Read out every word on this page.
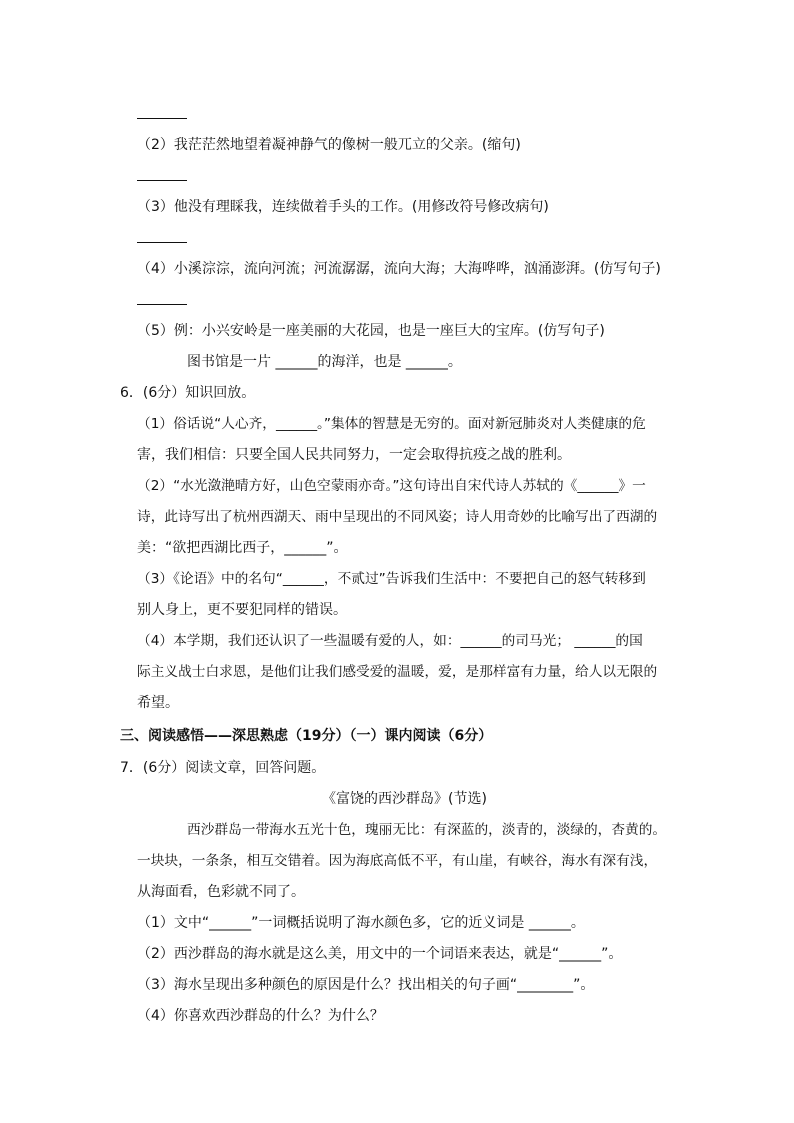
（2）我茫茫然地望着凝神静气的像树一般兀立的父亲。(缩句)
（3）他没有理睬我，连续做着手头的工作。(用修改符号修改病句)
（4）小溪淙淙，流向河流；河流潺潺，流向大海；大海哗哗，汹涌澎湃。(仿写句子)
（5）例：小兴安岭是一座美丽的大花园，也是一座巨大的宝库。(仿写句子)
图书馆是一片 ______的海洋，也是 ______。
6．(6分）知识回放。
（1）俗话说“人心齐，______。”集体的智慧是无穷的。面对新冠肺炎对人类健康的危
害，我们相信：只要全国人民共同努力，一定会取得抗疫之战的胜利。
（2）“水光潋滟晴方好，山色空蒙雨亦奇。”这句诗出自宋代诗人苏轼的《______》一
诗，此诗写出了杭州西湖天、雨中呈现出的不同风姿；诗人用奇妙的比喻写出了西湖的
美：“欲把西湖比西子，______”。
（3）《论语》中的名句“______，不贰过”告诉我们生活中：不要把自己的怒气转移到
别人身上，更不要犯同样的错误。
（4）本学期，我们还认识了一些温暖有爱的人，如：______的司马光； ______的国
际主义战士白求恩，是他们让我们感受爱的温暖，爱，是那样富有力量，给人以无限的
希望。
三、阅读感悟——深思熟虑（19分）（一）课内阅读（6分）
7．(6分）阅读文章，回答问题。
《富饶的西沙群岛》(节选)
西沙群岛一带海水五光十色，瑰丽无比：有深蓝的，淡青的，淡绿的，杏黄的。
一块块，一条条，相互交错着。因为海底高低不平，有山崖，有峡谷，海水有深有浅，
从海面看，色彩就不同了。
（1）文中“______”一词概括说明了海水颜色多，它的近义词是 ______。
（2）西沙群岛的海水就是这么美，用文中的一个词语来表达，就是“______”。
（3）海水呈现出多种颜色的原因是什么？找出相关的句子画“________”。
（4）你喜欢西沙群岛的什么？为什么？
